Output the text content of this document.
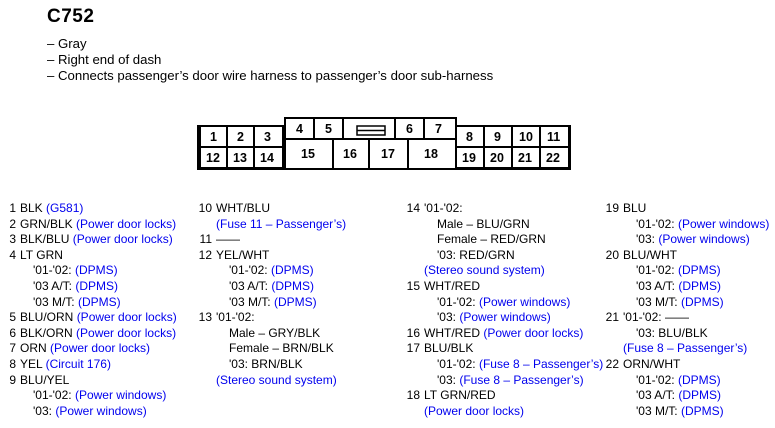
C752
– Gray
– Right end of dash
– Connects passenger’s door wire harness to passenger’s door sub-harness
1 2 3
4 5	6 7
8 9 10 11
12 13 14 15 16 17 18 19 20 21 22
1 BLK (G581)
2 GRN/BLK (Power door locks)
3 BLK/BLU (Power door locks)
4 LT GRN
'01-'02: (DPMS)
'03 A/T: (DPMS)
'03 M/T: (DPMS)
5 BLU/ORN (Power door locks)
6 BLK/ORN (Power door locks)
7 ORN (Power door locks)
8 YEL (Circuit 176)
9 BLU/YEL
'01-'02: (Power windows)
'03: (Power windows)
10 WHT/BLU
(Fuse 11 – Passenger’s)
11 ——
12 YEL/WHT
'01-'02: (DPMS)
'03 A/T: (DPMS)
'03 M/T: (DPMS)
13 '01-'02:
Male – GRY/BLK
Female – BRN/BLK
'03: BRN/BLK
(Stereo sound system)
14 '01-'02:
Male – BLU/GRN
Female – RED/GRN
'03: RED/GRN
(Stereo sound system)
15 WHT/RED
'01-'02: (Power windows)
'03: (Power windows)
16 WHT/RED (Power door locks)
17 BLU/BLK
'01-'02: (Fuse 8 – Passenger’s)
'03: (Fuse 8 – Passenger’s)
18 LT GRN/RED
(Power door locks)
19 BLU
'01-'02: (Power windows)
'03: (Power windows)
20 BLU/WHT
'01-'02: (DPMS)
'03 A/T: (DPMS)
'03 M/T: (DPMS)
21 '01-'02: ——
'03: BLU/BLK
(Fuse 8 – Passenger’s)
22 ORN/WHT
'01-'02: (DPMS)
'03 A/T: (DPMS)
'03 M/T: (DPMS)
